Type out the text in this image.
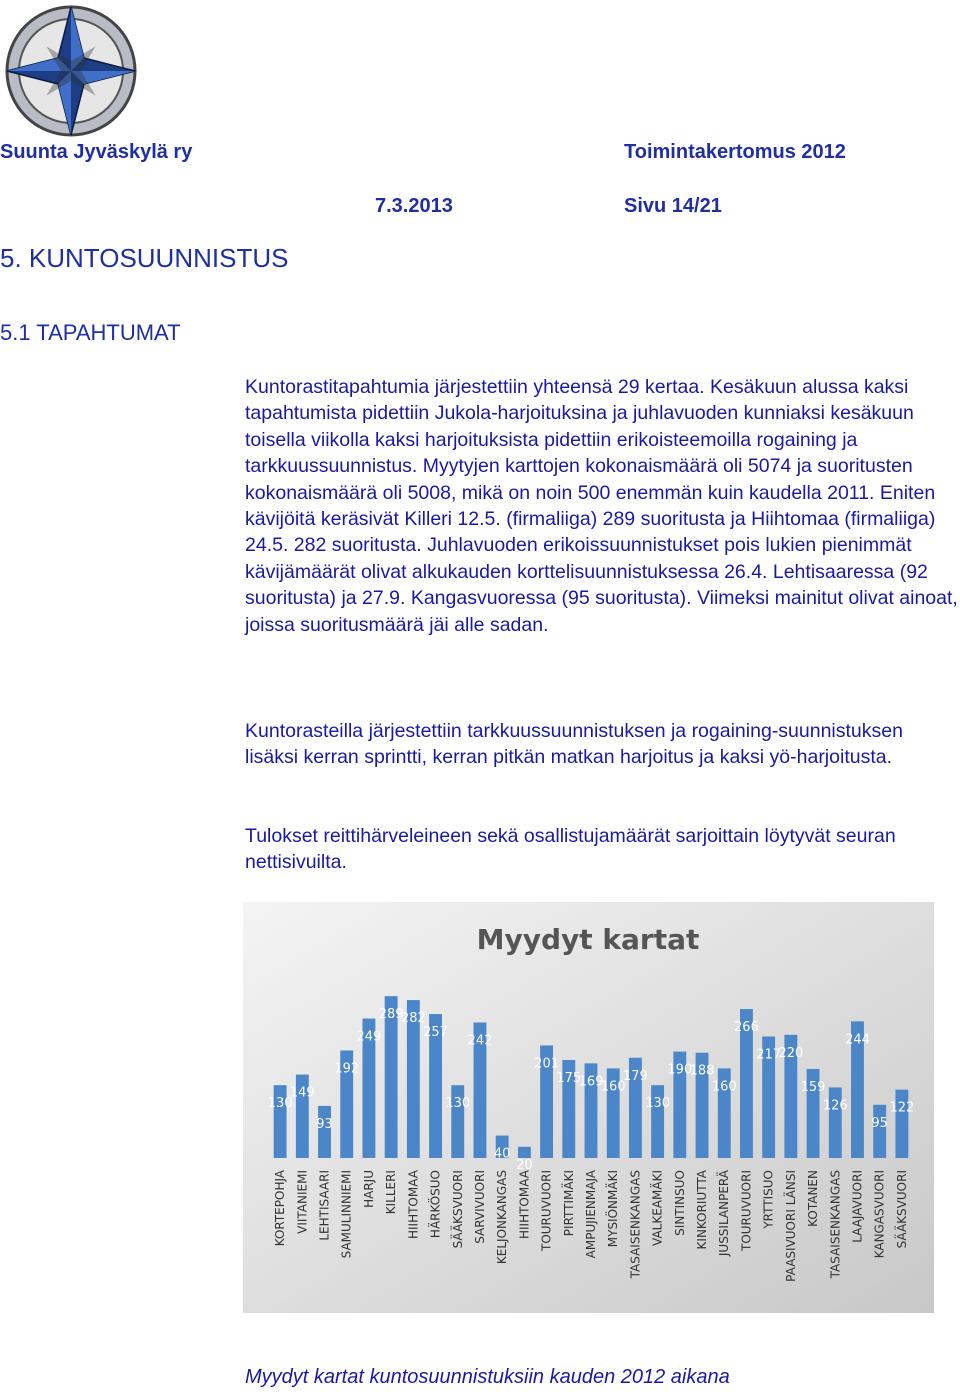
Suunta Jyväskylä ry	Toimintakertomus 2012
7.3.2013	Sivu 14/21
5. KUNTOSUUNNISTUS
5.1 TAPAHTUMAT

Kuntorastitapahtumia järjestettiin yhteensä 29 kertaa. Kesäkuun alussa kaksi tapahtumista pidettiin Jukola-harjoituksina ja juhlavuoden kunniaksi kesäkuun toisella viikolla kaksi harjoituksista pidettiin erikoisteemoilla rogaining ja tarkkuussuunnistus. Myytyjen karttojen kokonaismäärä oli 5074 ja suoritusten kokonaismäärä oli 5008, mikä on noin 500 enemmän kuin kaudella 2011. Eniten kävijöitä keräsivät Killeri 12.5. (firmaliiga) 289 suoritusta ja Hiihtomaa (firmaliiga) 24.5. 282 suoritusta. Juhlavuoden erikoissuunnistukset pois lukien pienimmät kävijämäärät olivat alkukauden korttelisuunnistuksessa 26.4. Lehtisaaressa (92 suoritusta) ja 27.9. Kangasvuoressa (95 suoritusta). Viimeksi mainitut olivat ainoat, joissa suoritusmäärä jäi alle sadan.

Kuntorasteilla järjestettiin tarkkuussuunnistuksen ja rogaining-suunnistuksen lisäksi kerran sprintti, kerran pitkän matkan harjoitus ja kaksi yö-harjoitusta.

Tulokset reittihärveleineen sekä osallistujamäärät sarjoittain löytyvät seuran nettisivuilta.

Myydyt kartat
130
149
93
192
249
289
282
257
130
242
40
20
201
175
169
160
179
130
190
188
160
266
217
220
159
126
244
95
122
KORTEPOHJA VIITANIEMI LEHTISAARI SAMULINNIEMI HARJU KILLERI HIIHTOMAA HÄRKÖSUO SÄÄKSVUORI SARVIVUORI KELJONKANGAS HIIHTOMAA TOURUVUORI PIRTTIMÄKI AMPUJIENMAJA MYSIÖNMÄKI TASAISENKANGAS VALKEAMÄKI SINTINSUO KINKORIUTTA JUSSILANPERÄ TOURUVUORI YRTTISUO PAASIVUORI LÄNSI KOTANEN TASAISENKANGAS LAAJAVUORI KANGASVUORI SÄÄKSVUORI
Myydyt kartat kuntosuunnistuksiin kauden 2012 aikana
